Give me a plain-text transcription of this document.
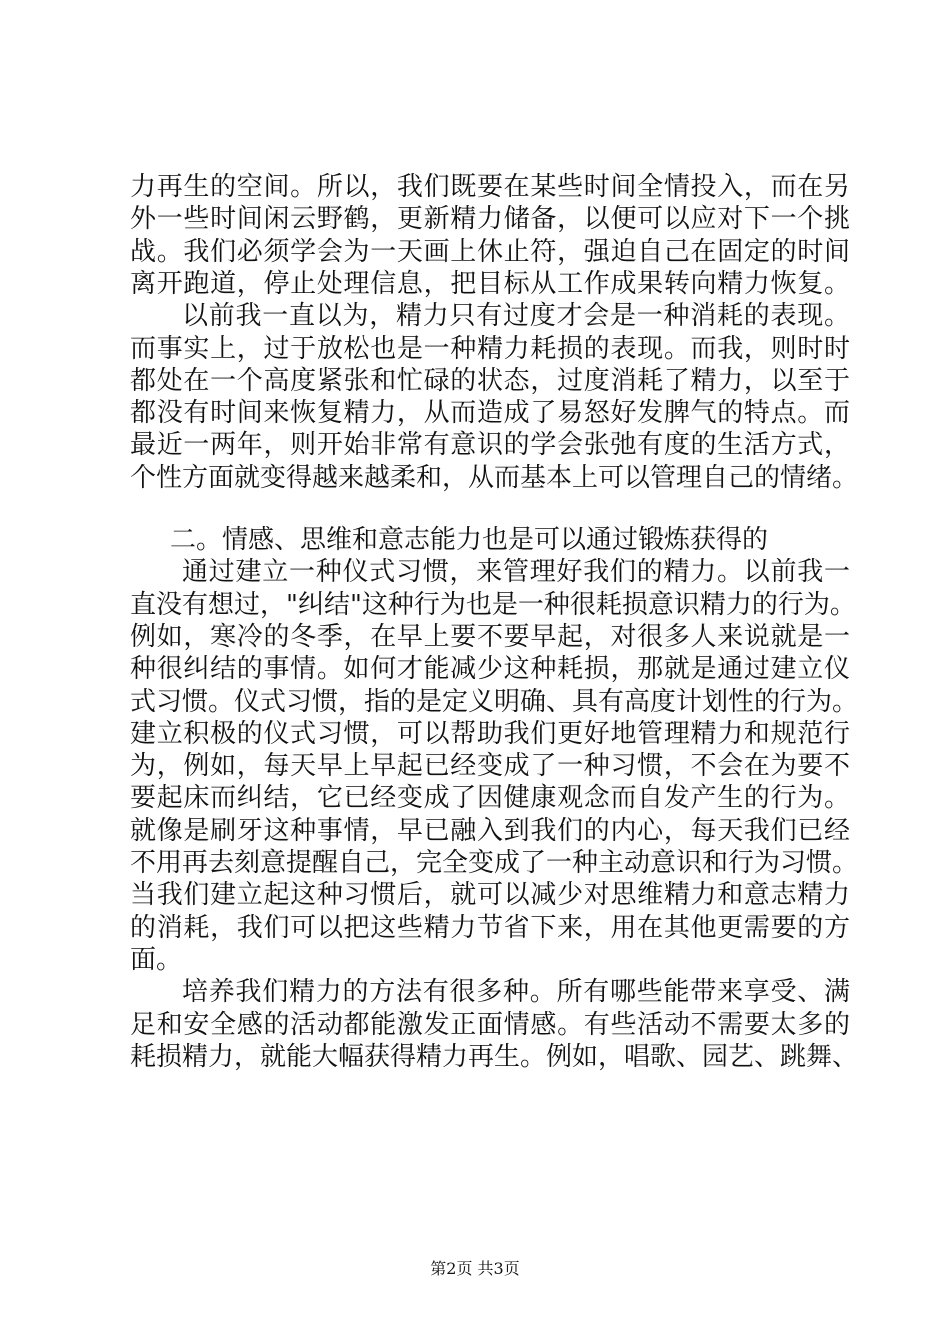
力再生的空间。所以，我们既要在某些时间全情投入，而在另
外一些时间闲云野鹤，更新精力储备，以便可以应对下一个挑
战。我们必须学会为一天画上休止符，强迫自己在固定的时间
离开跑道，停止处理信息，把目标从工作成果转向精力恢复。
以前我一直以为，精力只有过度才会是一种消耗的表现。
而事实上，过于放松也是一种精力耗损的表现。而我，则时时
都处在一个高度紧张和忙碌的状态，过度消耗了精力，以至于
都没有时间来恢复精力，从而造成了易怒好发脾气的特点。而
最近一两年，则开始非常有意识的学会张弛有度的生活方式，
个性方面就变得越来越柔和，从而基本上可以管理自己的情绪。
二。情感、思维和意志能力也是可以通过锻炼获得的
通过建立一种仪式习惯，来管理好我们的精力。以前我一
直没有想过，"纠结"这种行为也是一种很耗损意识精力的行为。
例如，寒冷的冬季，在早上要不要早起，对很多人来说就是一
种很纠结的事情。如何才能减少这种耗损，那就是通过建立仪
式习惯。仪式习惯，指的是定义明确、具有高度计划性的行为。
建立积极的仪式习惯，可以帮助我们更好地管理精力和规范行
为，例如，每天早上早起已经变成了一种习惯，不会在为要不
要起床而纠结，它已经变成了因健康观念而自发产生的行为。
就像是刷牙这种事情，早已融入到我们的内心，每天我们已经
不用再去刻意提醒自己，完全变成了一种主动意识和行为习惯。
当我们建立起这种习惯后，就可以减少对思维精力和意志精力
的消耗，我们可以把这些精力节省下来，用在其他更需要的方
面。
培养我们精力的方法有很多种。所有哪些能带来享受、满
足和安全感的活动都能激发正面情感。有些活动不需要太多的
耗损精力，就能大幅获得精力再生。例如，唱歌、园艺、跳舞、
第2页 共3页
